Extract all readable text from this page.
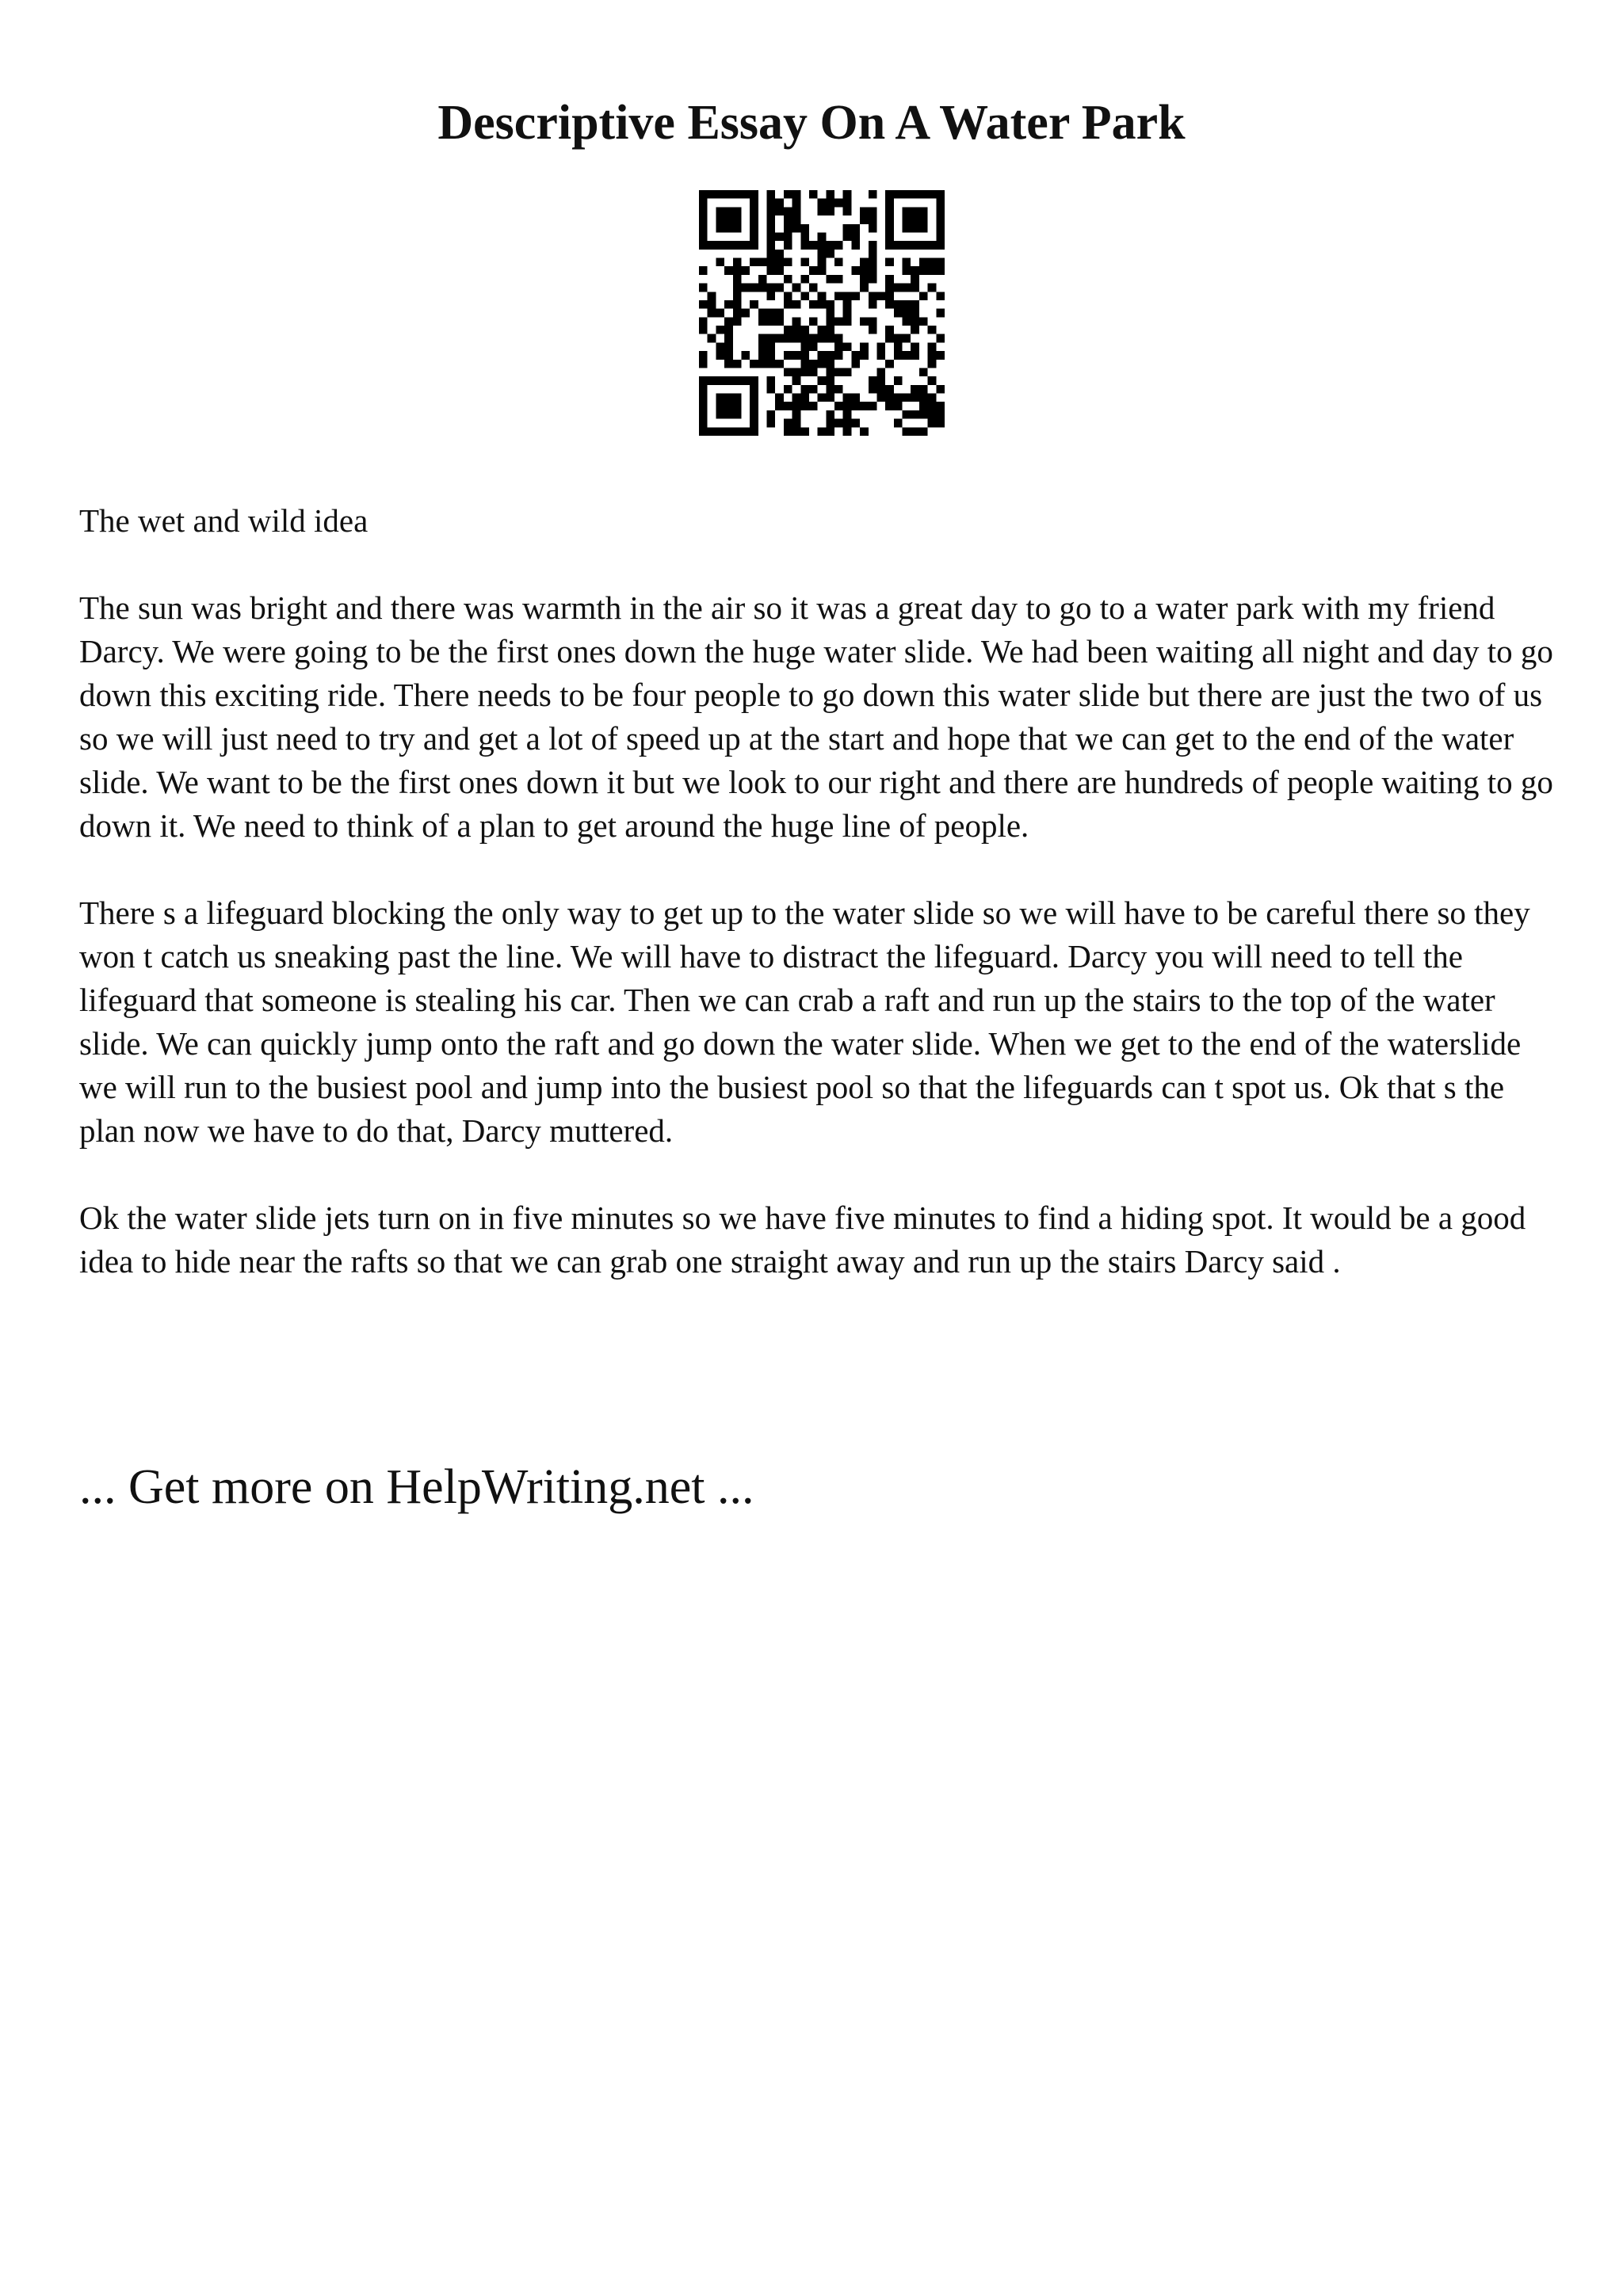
Descriptive Essay On A Water Park

The wet and wild idea

The sun was bright and there was warmth in the air so it was a great day to go to a water park with my friend Darcy. We were going to be the first ones down the huge water slide. We had been waiting all night and day to go down this exciting ride. There needs to be four people to go down this water slide but there are just the two of us so we will just need to try and get a lot of speed up at the start and hope that we can get to the end of the water slide. We want to be the first ones down it but we look to our right and there are hundreds of people waiting to go down it. We need to think of a plan to get around the huge line of people.

There s a lifeguard blocking the only way to get up to the water slide so we will have to be careful there so they won t catch us sneaking past the line. We will have to distract the lifeguard. Darcy you will need to tell the lifeguard that someone is stealing his car. Then we can crab a raft and run up the stairs to the top of the water slide. We can quickly jump onto the raft and go down the water slide. When we get to the end of the waterslide we will run to the busiest pool and jump into the busiest pool so that the lifeguards can t spot us. Ok that s the plan now we have to do that, Darcy muttered.

Ok the water slide jets turn on in five minutes so we have five minutes to find a hiding spot. It would be a good idea to hide near the rafts so that we can grab one straight away and run up the stairs Darcy said .

... Get more on HelpWriting.net ...
